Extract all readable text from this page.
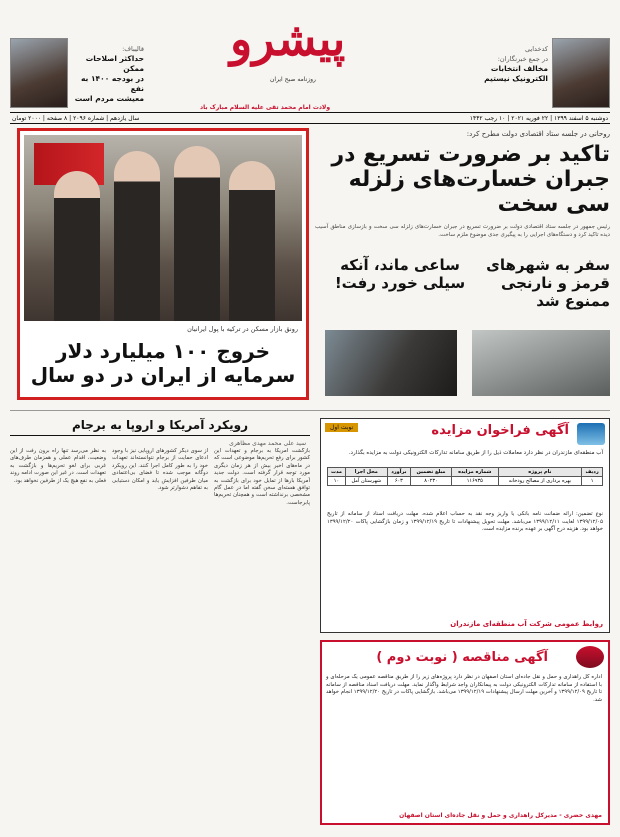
کدخدایی
در جمع خبرنگاران:
مخالف انتخابات
الکترونیک نیستیم
پیشرو
روزنامه صبح ایران
ولادت امام محمد تقی علیه السلام مبارک باد
قالیباف:
حداکثر اصلاحات ممکن
در بودجه ۱۴۰۰ به نفع
معیشت مردم است
دوشنبه ۵ اسفند ۱۳۹۹ | ۲۲ فوریه ۲۰۲۱ | ۱۰ رجب ۱۴۴۲
سال یازدهم | شماره ۲۰۹۶ | ۸ صفحه | ۲۰۰۰ تومان
روحانی در جلسه ستاد اقتصادی دولت مطرح کرد:
تاکید بر ضرورت تسریع در جبران خسارت‌های زلزله سی سخت
رئیس جمهور در جلسه ستاد اقتصادی دولت بر ضرورت تسریع در جبران خسارت‌های زلزله سی سخت و بازسازی مناطق آسیب دیده تاکید کرد و دستگاه‌های اجرایی را به پیگیری جدی موضوع ملزم ساخت.
رونق بازار مسکن در ترکیه با پول ایرانیان
خروج ۱۰۰ میلیارد دلار سرمایه از ایران در دو سال
سفر به شهرهای قرمز و نارنجی ممنوع شد
ساعی ماند، آنکه سیلی خورد رفت!
رویکرد آمریکا و اروپا به برجام
سید علی محمد مهدی مظاهری
بازگشت آمریکا به برجام و تعهدات این کشور برای رفع تحریم‌ها موضوعی است که در ماه‌های اخیر بیش از هر زمان دیگری مورد توجه قرار گرفته است. دولت جدید آمریکا بارها از تمایل خود برای بازگشت به توافق هسته‌ای سخن گفته اما در عمل گام مشخصی برنداشته است و همچنان تحریم‌ها پابرجاست.
از سوی دیگر کشورهای اروپایی نیز با وجود ادعای حمایت از برجام نتوانسته‌اند تعهدات خود را به طور کامل اجرا کنند. این رویکرد دوگانه موجب شده تا فضای بی‌اعتمادی میان طرفین افزایش یابد و امکان دستیابی به تفاهم دشوارتر شود.
به نظر می‌رسد تنها راه برون رفت از این وضعیت، اقدام عملی و همزمان طرف‌های غربی برای لغو تحریم‌ها و بازگشت به تعهدات است. در غیر این صورت ادامه روند فعلی به نفع هیچ یک از طرفین نخواهد بود.
آگهی فراخوان مزایده
نوبت اول
آب منطقه‌ای مازندران در نظر دارد معاملات ذیل را از طریق سامانه تدارکات الکترونیکی دولت به مزایده بگذارد.
ردیف	نام پروژه	شماره مزایده	مبلغ تضمین	برآورد	محل اجرا	مدت
۱	بهره برداری از مصالح رودخانه	۱۱۶۹۳۵	۸۰۲۳۰	۶۰۳	شهرستان آمل	۱۰
نوع تضمین: ارائه ضمانت نامه بانکی یا واریز وجه نقد به حساب اعلام شده. مهلت دریافت اسناد از سامانه از تاریخ ۱۳۹۹/۱۲/۰۵ لغایت ۱۳۹۹/۱۲/۱۱ می‌باشد. مهلت تحویل پیشنهادات تا تاریخ ۱۳۹۹/۱۲/۱۹ و زمان بازگشایی پاکات ۱۳۹۹/۱۲/۲۰ خواهد بود. هزینه درج آگهی بر عهده برنده مزایده است.
روابط عمومی شرکت آب منطقه‌ای مازندران
آگهی مناقصه ( نوبت دوم )
اداره کل راهداری و حمل و نقل جاده‌ای استان اصفهان در نظر دارد پروژه‌های زیر را از طریق مناقصه عمومی یک مرحله‌ای و با استفاده از سامانه تدارکات الکترونیکی دولت به پیمانکاران واجد شرایط واگذار نماید. مهلت دریافت اسناد مناقصه از سامانه تا تاریخ ۱۳۹۹/۱۲/۰۹ و آخرین مهلت ارسال پیشنهادات ۱۳۹۹/۱۲/۱۹ می‌باشد. بازگشایی پاکات در تاریخ ۱۳۹۹/۱۲/۲۰ انجام خواهد شد.
مهدی خضری - مدیرکل راهداری و حمل و نقل جاده‌ای استان اصفهان
